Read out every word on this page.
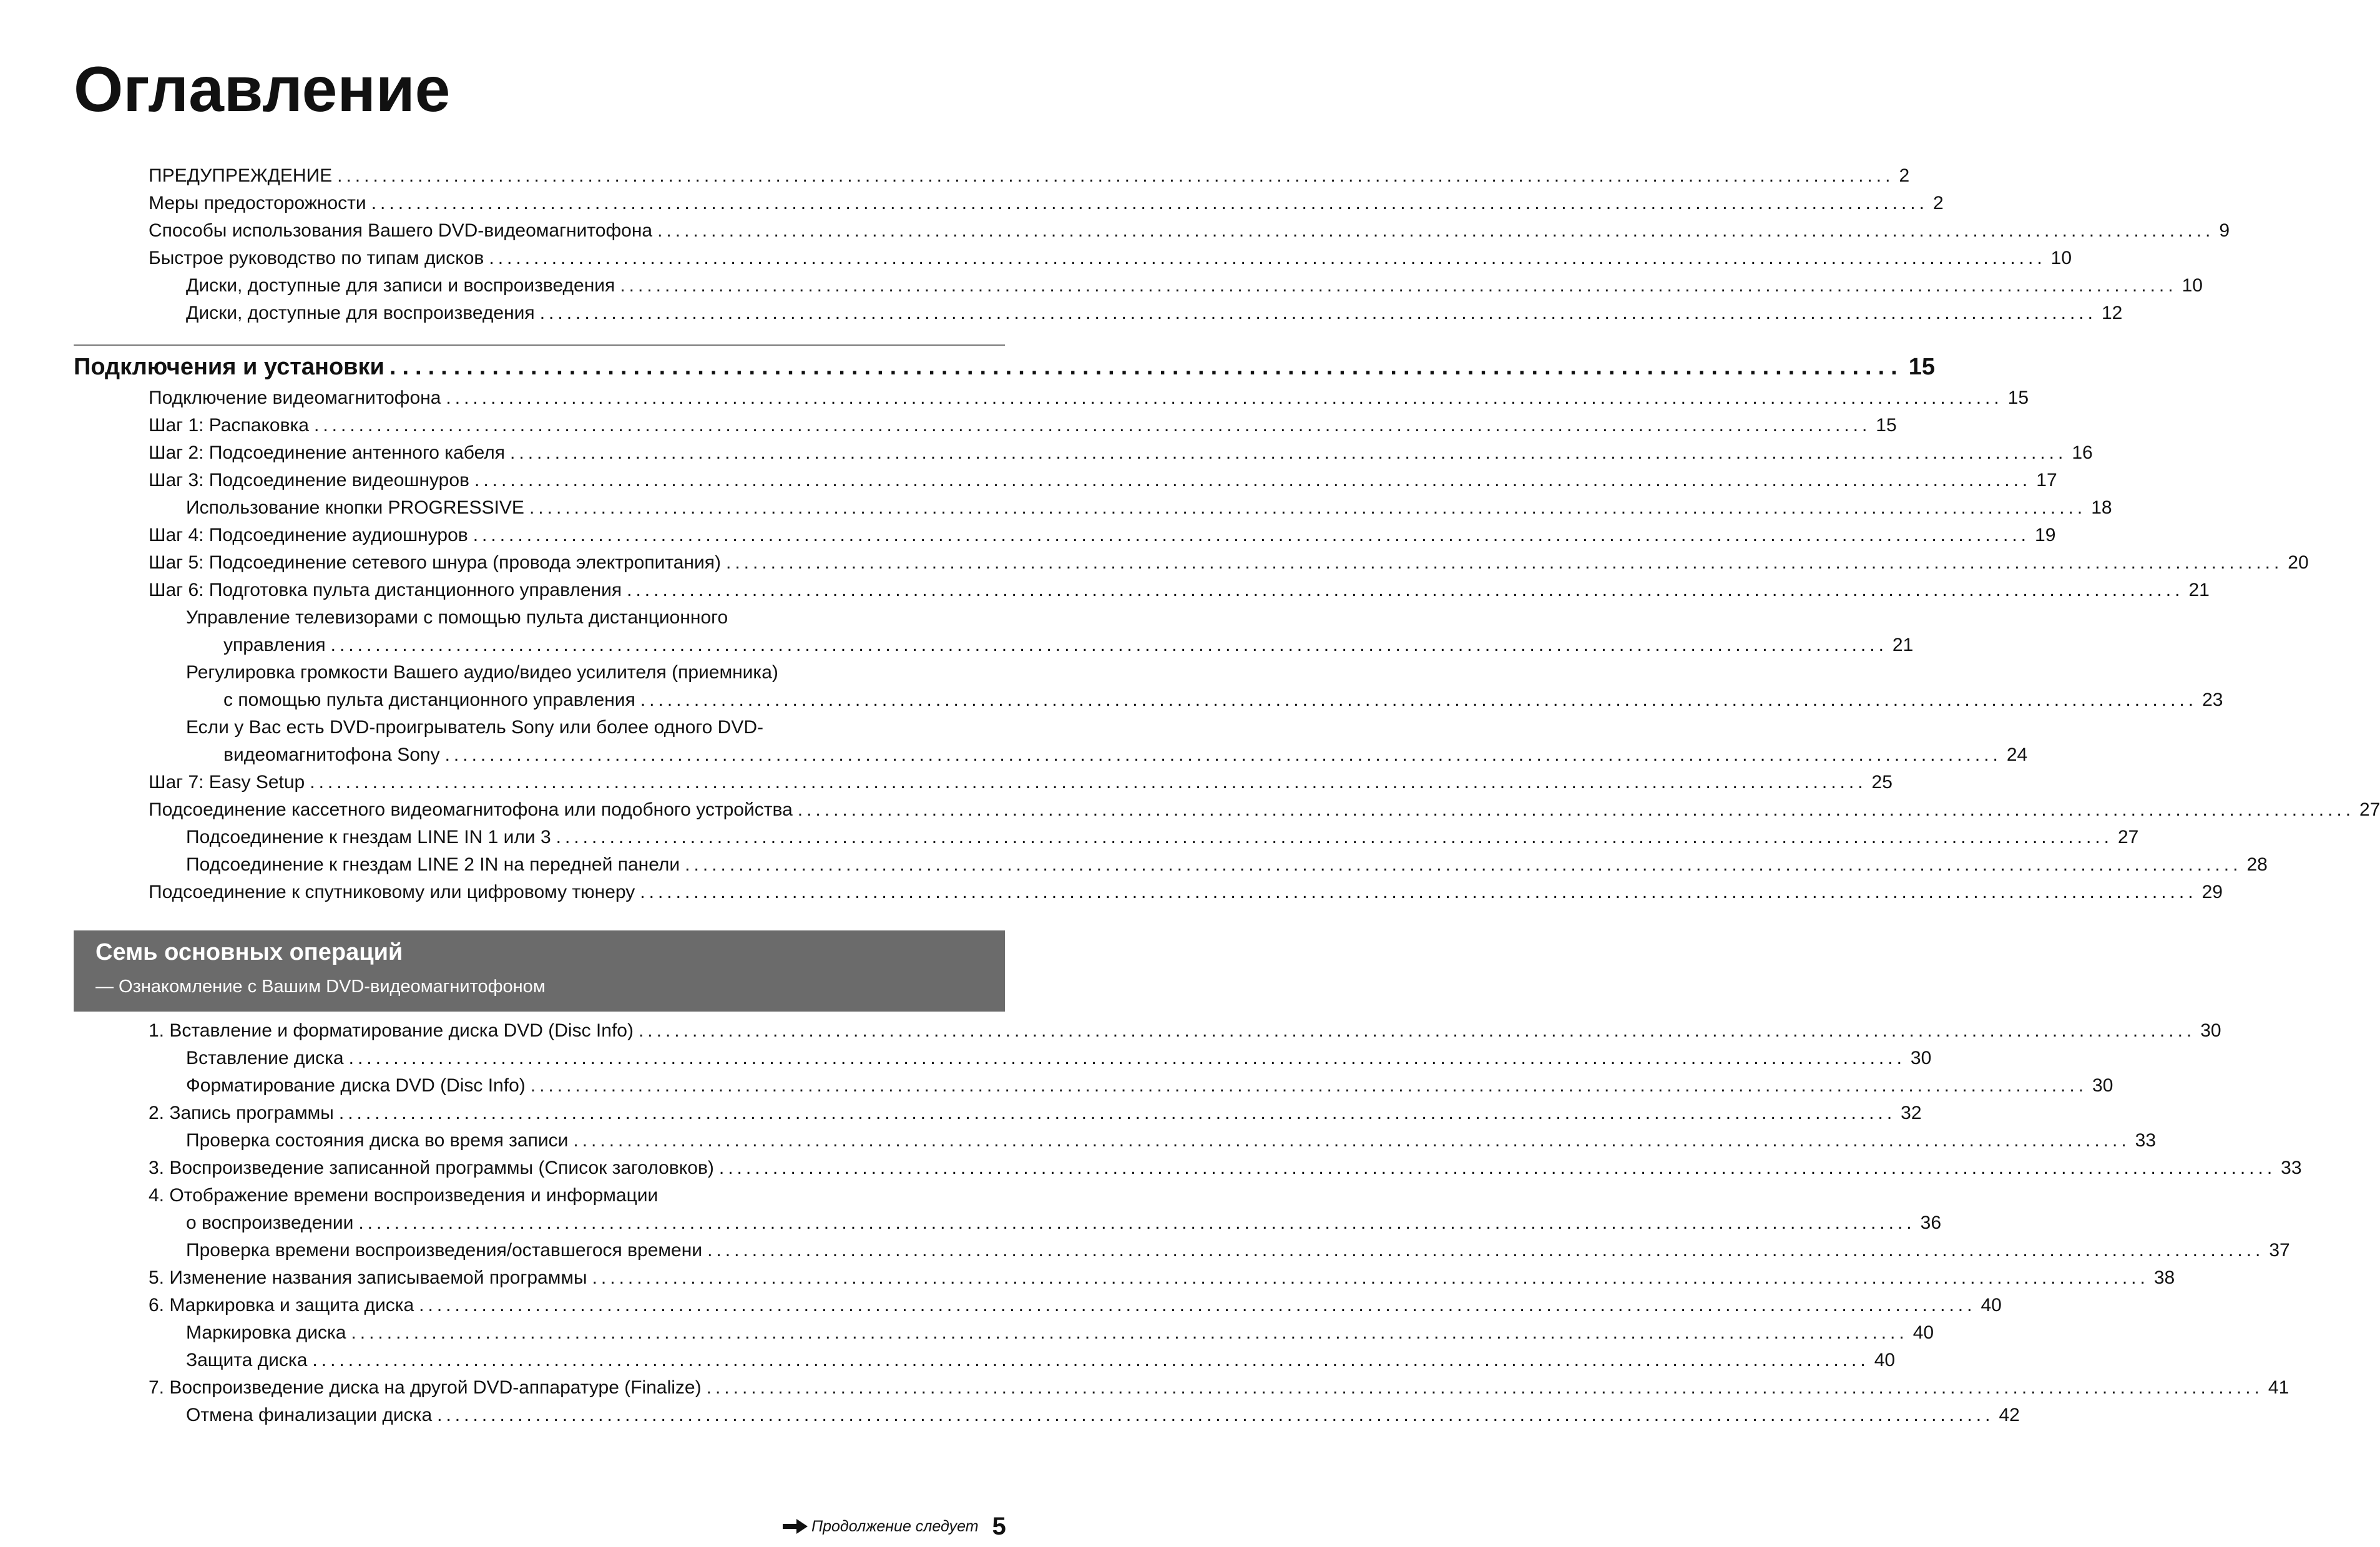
Оглавление
ПРЕДУПРЕЖДЕНИЕ .............................................................................................................................................................................. 2
Меры предосторожности .............................................................................................................................................................................. 2
Способы использования Вашего DVD-видеомагнитофона .............................................................................................................................................................................. 9
Быстрое руководство по типам дисков .............................................................................................................................................................................. 10
Диски, доступные для записи и воспроизведения .............................................................................................................................................................................. 10
Диски, доступные для воспроизведения .............................................................................................................................................................................. 12
Подключения и установки ...................................................................................................................... 15
Подключение видеомагнитофона .............................................................................................................................................................................. 15
Шаг 1: Распаковка .............................................................................................................................................................................. 15
Шаг 2: Подсоединение антенного кабеля .............................................................................................................................................................................. 16
Шаг 3: Подсоединение видеошнуров .............................................................................................................................................................................. 17
Использование кнопки PROGRESSIVE .............................................................................................................................................................................. 18
Шаг 4: Подсоединение аудиошнуров .............................................................................................................................................................................. 19
Шаг 5: Подсоединение сетевого шнура (провода электропитания) .............................................................................................................................................................................. 20
Шаг 6: Подготовка пульта дистанционного управления .............................................................................................................................................................................. 21
Управление телевизорами с помощью пульта дистанционного
управления .............................................................................................................................................................................. 21
Регулировка громкости Вашего аудио/видео усилителя (приемника)
с помощью пульта дистанционного управления .............................................................................................................................................................................. 23
Если у Вас есть DVD-проигрыватель Sony или более одного DVD-
видеомагнитофона Sony .............................................................................................................................................................................. 24
Шаг 7: Easy Setup .............................................................................................................................................................................. 25
Подсоединение кассетного видеомагнитофона или подобного устройства .............................................................................................................................................................................. 27
Подсоединение к гнездам LINE IN 1 или 3 .............................................................................................................................................................................. 27
Подсоединение к гнездам LINE 2 IN на передней панели .............................................................................................................................................................................. 28
Подсоединение к спутниковому или цифровому тюнеру .............................................................................................................................................................................. 29
Семь основных операций
— Ознакомление с Вашим DVD-видеомагнитофоном
1. Вставление и форматирование диска DVD (Disc Info) .............................................................................................................................................................................. 30
Вставление диска .............................................................................................................................................................................. 30
Форматирование диска DVD (Disc Info) .............................................................................................................................................................................. 30
2. Запись программы .............................................................................................................................................................................. 32
Проверка состояния диска во время записи .............................................................................................................................................................................. 33
3. Воспроизведение записанной программы (Список заголовков) .............................................................................................................................................................................. 33
4. Отображение времени воспроизведения и информации
о воспроизведении .............................................................................................................................................................................. 36
Проверка времени воспроизведения/оставшегося времени .............................................................................................................................................................................. 37
5. Изменение названия записываемой программы .............................................................................................................................................................................. 38
6. Маркировка и защита диска .............................................................................................................................................................................. 40
Маркировка диска .............................................................................................................................................................................. 40
Защита диска .............................................................................................................................................................................. 40
7. Воспроизведение диска на другой DVD-аппаратуре (Finalize) .............................................................................................................................................................................. 41
Отмена финализации диска .............................................................................................................................................................................. 42
Продолжение следует 5
